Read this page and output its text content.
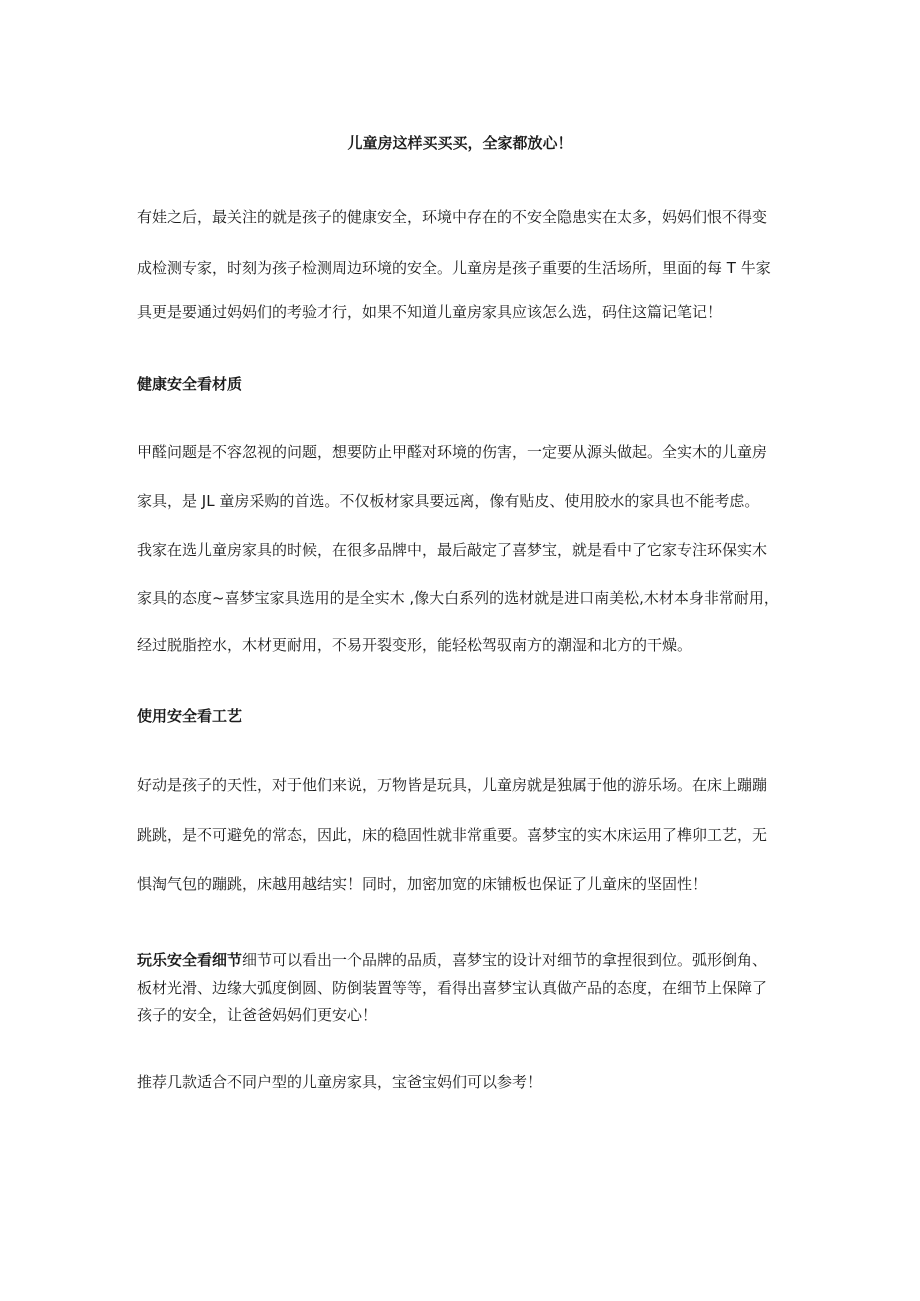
儿童房这样买买买，全家都放心！
有娃之后，最关注的就是孩子的健康安全，环境中存在的不安全隐患实在太多，妈妈们恨不得变
成检测专家，时刻为孩子检测周边环境的安全。儿童房是孩子重要的生活场所，里面的每 T 牛家
具更是要通过妈妈们的考验才行，如果不知道儿童房家具应该怎么选，码住这篇记笔记！
健康安全看材质
甲醛问题是不容忽视的问题，想要防止甲醛对环境的伤害，一定要从源头做起。全实木的儿童房
家具，是 JL 童房采购的首选。不仅板材家具要远离，像有贴皮、使用胶水的家具也不能考虑。
我家在选儿童房家具的时候，在很多品牌中，最后敲定了喜梦宝，就是看中了它家专注环保实木
家具的态度~喜梦宝家具选用的是全实木 ,像大白系列的选材就是进口南美松,木材本身非常耐用，
经过脱脂控水，木材更耐用，不易开裂变形，能轻松驾驭南方的潮湿和北方的干燥。
使用安全看工艺
好动是孩子的天性，对于他们来说，万物皆是玩具，儿童房就是独属于他的游乐场。在床上蹦蹦
跳跳，是不可避免的常态，因此，床的稳固性就非常重要。喜梦宝的实木床运用了榫卯工艺，无
惧淘气包的蹦跳，床越用越结实！同时，加密加宽的床铺板也保证了儿童床的坚固性！
玩乐安全看细节细节可以看出一个品牌的品质，喜梦宝的设计对细节的拿捏很到位。弧形倒角、
板材光滑、边缘大弧度倒圆、防倒装置等等，看得出喜梦宝认真做产品的态度，在细节上保障了
孩子的安全，让爸爸妈妈们更安心！
推荐几款适合不同户型的儿童房家具，宝爸宝妈们可以参考！
